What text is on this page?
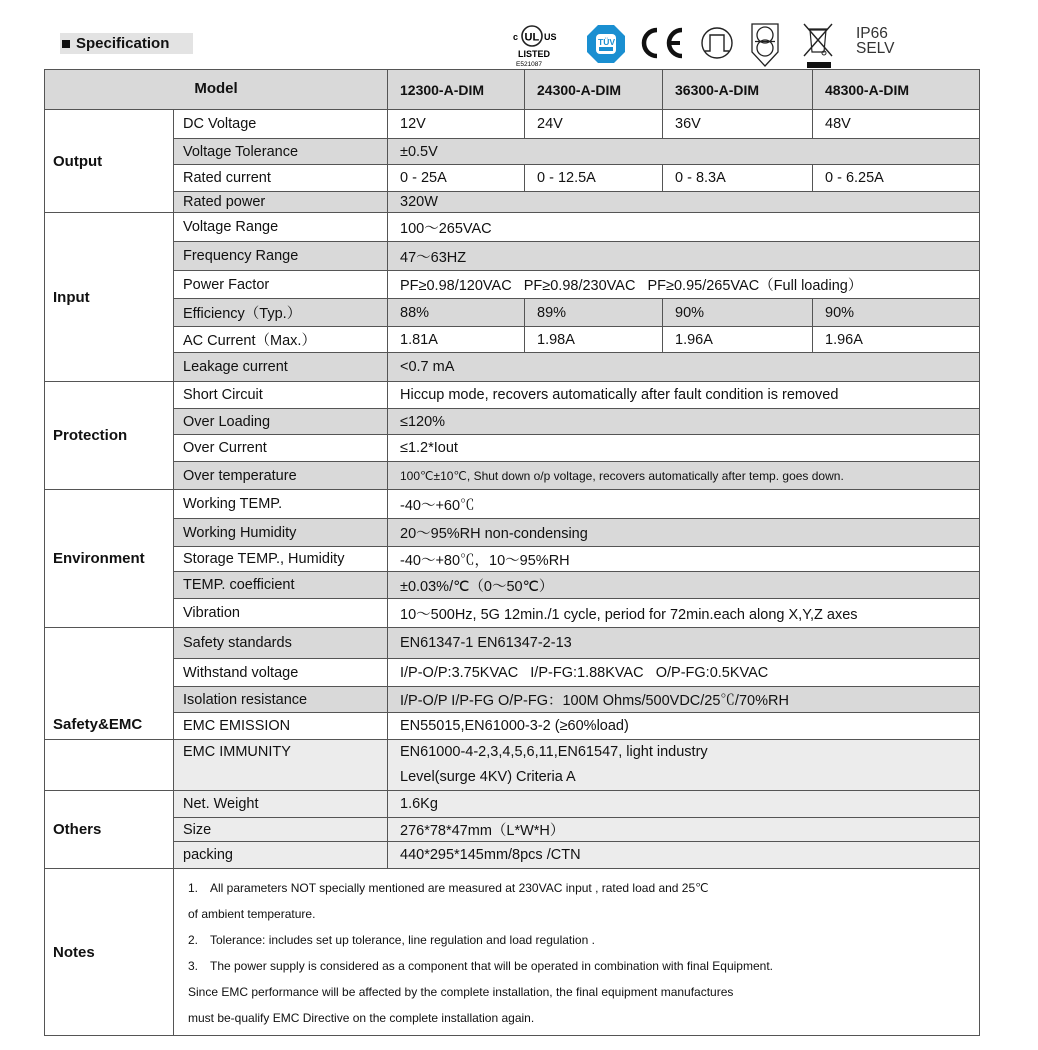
Specification	c UL US
LISTED
E521087
TÜV	IP66
SELV
Model		12300-A-DIM	24300-A-DIM	36300-A-DIM	48300-A-DIM
Output	DC Voltage	12V	24V	36V	48V
	Voltage Tolerance	±0.5V			
	Rated current	0 - 25A	0 - 12.5A	0 - 8.3A	0 - 6.25A
	Rated power	320W			
Input	Voltage Range	100～265VAC			
	Frequency Range	47～63HZ			
	Power Factor	PF≥0.98/120VAC   PF≥0.98/230VAC   PF≥0.95/265VAC（Full loading）			
	Efficiency（Typ.）	88%	89%	90%	90%
	AC Current（Max.）	1.81A	1.98A	1.96A	1.96A
	Leakage current	<0.7 mA			
Protection	Short Circuit	Hiccup mode, recovers automatically after fault condition is removed			
	Over Loading	≤120%			
	Over Current	≤1.2*Iout			
	Over temperature	100℃±10℃, Shut down o/p voltage, recovers automatically after temp. goes down.			
Environment	Working TEMP.	-40～+60℃			
	Working Humidity	20～95%RH non-condensing			
	Storage TEMP., Humidity	-40～+80℃，10～95%RH			
	TEMP. coefficient	±0.03%/℃（0～50℃）			
	Vibration	10～500Hz, 5G 12min./1 cycle, period for 72min.each along X,Y,Z axes			
Safety&EMC	Safety standards	EN61347-1 EN61347-2-13			
	Withstand voltage	I/P-O/P:3.75KVAC   I/P-FG:1.88KVAC   O/P-FG:0.5KVAC			
	Isolation resistance	I/P-O/P I/P-FG O/P-FG：100M Ohms/500VDC/25℃/70%RH			
	EMC EMISSION	EN55015,EN61000-3-2 (≥60%load)			
	EMC IMMUNITY	EN61000-4-2,3,4,5,6,11,EN61547, light industry
Level(surge 4KV) Criteria A			

Others	Net. Weight	1.6Kg			
	Size	276*78*47mm（L*W*H）			
	packing	440*295*145mm/8pcs /CTN			
Notes	
1. All parameters NOT specially mentioned are measured at 230VAC input , rated load and 25℃
of ambient temperature.
2. Tolerance: includes set up tolerance, line regulation and load regulation .
3. The power supply is considered as a component that will be operated in combination with final Equipment.
Since EMC performance will be affected by the complete installation, the final equipment manufactures
must be-qualify EMC Directive on the complete installation again.
